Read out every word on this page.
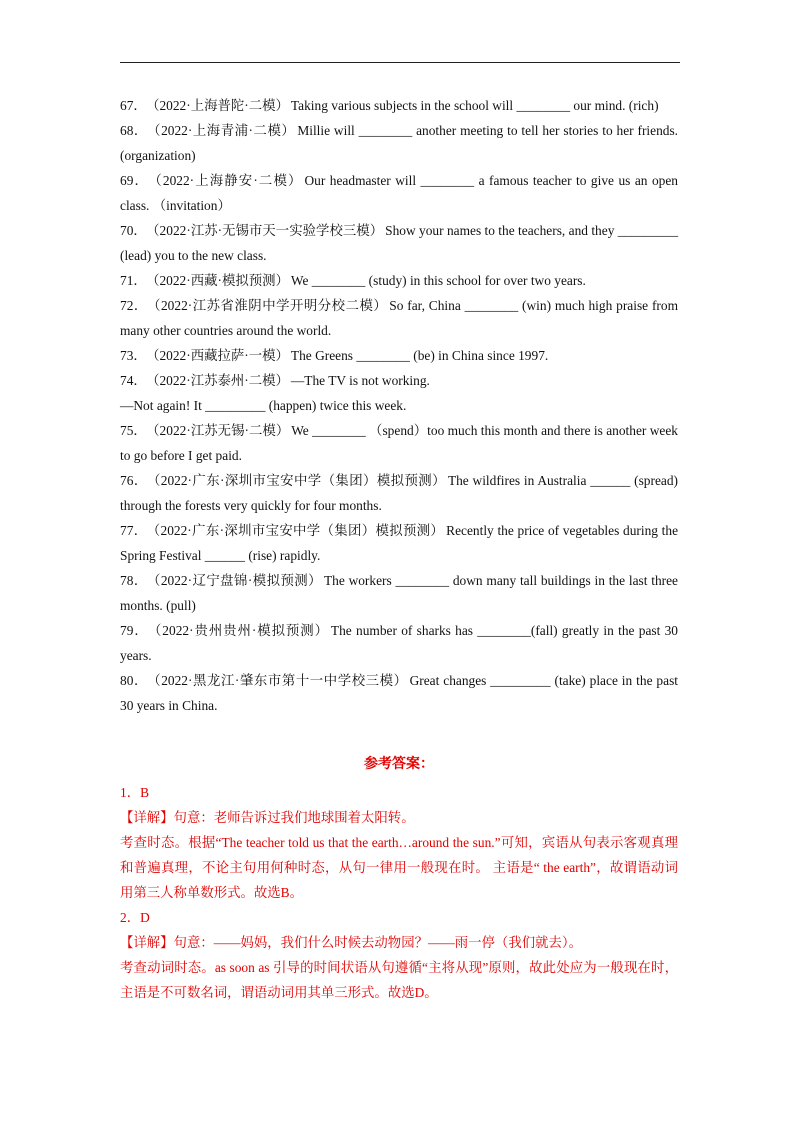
67． （2022·上海普陀·二模） Taking various subjects in the school will ________ our mind. (rich)
68． （2022·上海青浦·二模） Millie will ________ another meeting to tell her stories to her friends. (organization)
69． （2022·上海静安·二模） Our headmaster will ________ a famous teacher to give us an open class. （invitation）
70． （2022·江苏·无锡市天一实验学校三模） Show your names to the teachers, and they _________ (lead) you to the new class.
71． （2022·西藏·模拟预测） We ________ (study) in this school for over two years.
72． （2022·江苏省淮阴中学开明分校二模） So far, China ________ (win) much high praise from many other countries around the world.
73． （2022·西藏拉萨·一模） The Greens ________ (be) in China since 1997.
74． （2022·江苏泰州·二模） —The TV is not working.
—Not again! It _________ (happen) twice this week.
75． （2022·江苏无锡·二模） We ________ （spend）too much this month and there is another week to go before I get paid.
76． （2022·广东·深圳市宝安中学（集团）模拟预测） The wildfires in Australia ______ (spread) through the forests very quickly for four months.
77． （2022·广东·深圳市宝安中学（集团）模拟预测） Recently the price of vegetables during the Spring Festival ______ (rise) rapidly.
78． （2022·辽宁盘锦·模拟预测） The workers ________ down many tall buildings in the last three months. (pull)
79． （2022·贵州贵州·模拟预测） The number of sharks has ________(fall) greatly in the past 30 years.
80． （2022·黑龙江·肇东市第十一中学校三模） Great changes _________ (take) place in the past 30 years in China.
参考答案：

1．B

【详解】句意：老师告诉过我们地球围着太阳转。

考查时态。根据“The teacher told us that the earth…around the sun.”可知，宾语从句表示客观真理和普遍真理，不论主句用何种时态，从句一律用一般现在时。 主语是“ the earth”，故谓语动词用第三人称单数形式。故选B。

2．D

【详解】句意：——妈妈，我们什么时候去动物园？——雨一停（我们就去）。

考查动词时态。as soon as 引导的时间状语从句遵循“主将从现”原则，故此处应为一般现在时，主语是不可数名词，谓语动词用其单三形式。故选D。
